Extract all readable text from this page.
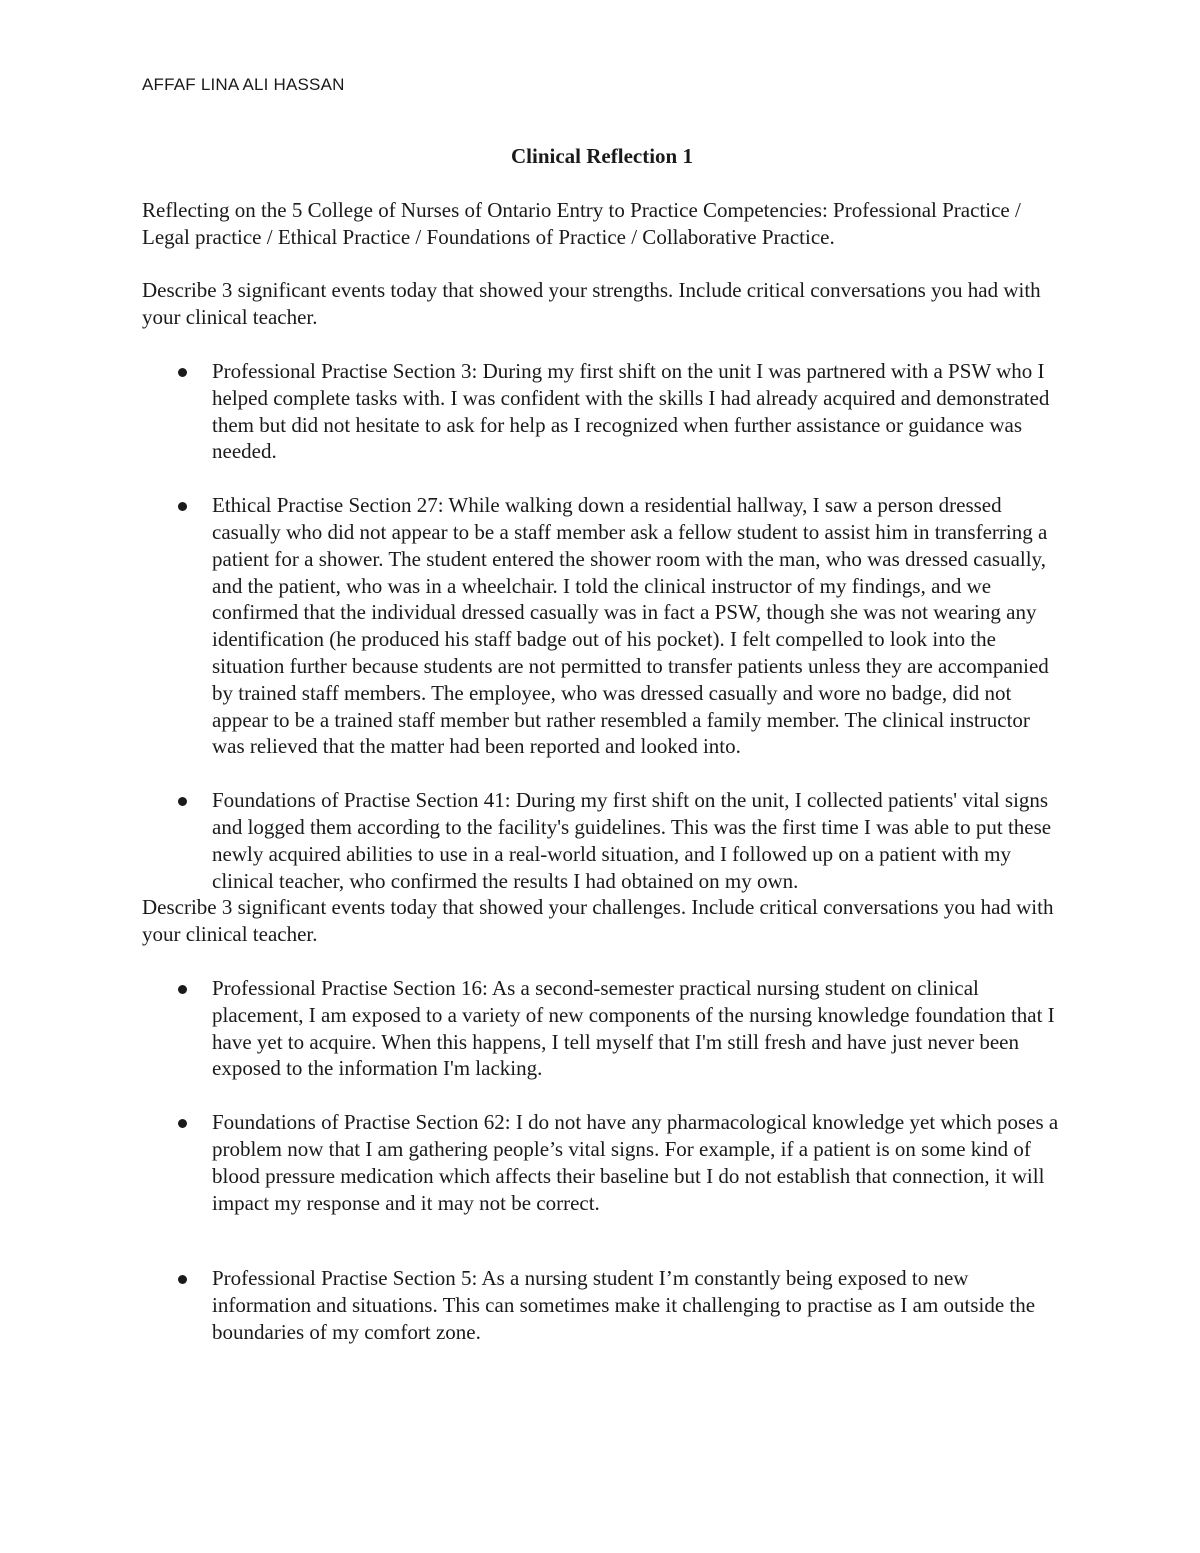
AFFAF LINA ALI HASSAN

Clinical Reflection 1

Reflecting on the 5 College of Nurses of Ontario Entry to Practice Competencies: Professional Practice / Legal practice / Ethical Practice / Foundations of Practice / Collaborative Practice.

Describe 3 significant events today that showed your strengths. Include critical conversations you had with your clinical teacher.

Professional Practise Section 3: During my first shift on the unit I was partnered with a PSW who I helped complete tasks with. I was confident with the skills I had already acquired and demonstrated them but did not hesitate to ask for help as I recognized when further assistance or guidance was needed.
Ethical Practise Section 27: While walking down a residential hallway, I saw a person dressed casually who did not appear to be a staff member ask a fellow student to assist him in transferring a patient for a shower. The student entered the shower room with the man, who was dressed casually, and the patient, who was in a wheelchair. I told the clinical instructor of my findings, and we confirmed that the individual dressed casually was in fact a PSW, though she was not wearing any identification (he produced his staff badge out of his pocket). I felt compelled to look into the situation further because students are not permitted to transfer patients unless they are accompanied by trained staff members. The employee, who was dressed casually and wore no badge, did not appear to be a trained staff member but rather resembled a family member. The clinical instructor was relieved that the matter had been reported and looked into.
Foundations of Practise Section 41: During my first shift on the unit, I collected patients' vital signs and logged them according to the facility's guidelines. This was the first time I was able to put these newly acquired abilities to use in a real-world situation, and I followed up on a patient with my clinical teacher, who confirmed the results I had obtained on my own.

Describe 3 significant events today that showed your challenges. Include critical conversations you had with your clinical teacher.

Professional Practise Section 16: As a second-semester practical nursing student on clinical placement, I am exposed to a variety of new components of the nursing knowledge foundation that I have yet to acquire. When this happens, I tell myself that I'm still fresh and have just never been exposed to the information I'm lacking.
Foundations of Practise Section 62: I do not have any pharmacological knowledge yet which poses a problem now that I am gathering people’s vital signs. For example, if a patient is on some kind of blood pressure medication which affects their baseline but I do not establish that connection, it will impact my response and it may not be correct.
Professional Practise Section 5: As a nursing student I’m constantly being exposed to new information and situations. This can sometimes make it challenging to practise as I am outside the boundaries of my comfort zone.
